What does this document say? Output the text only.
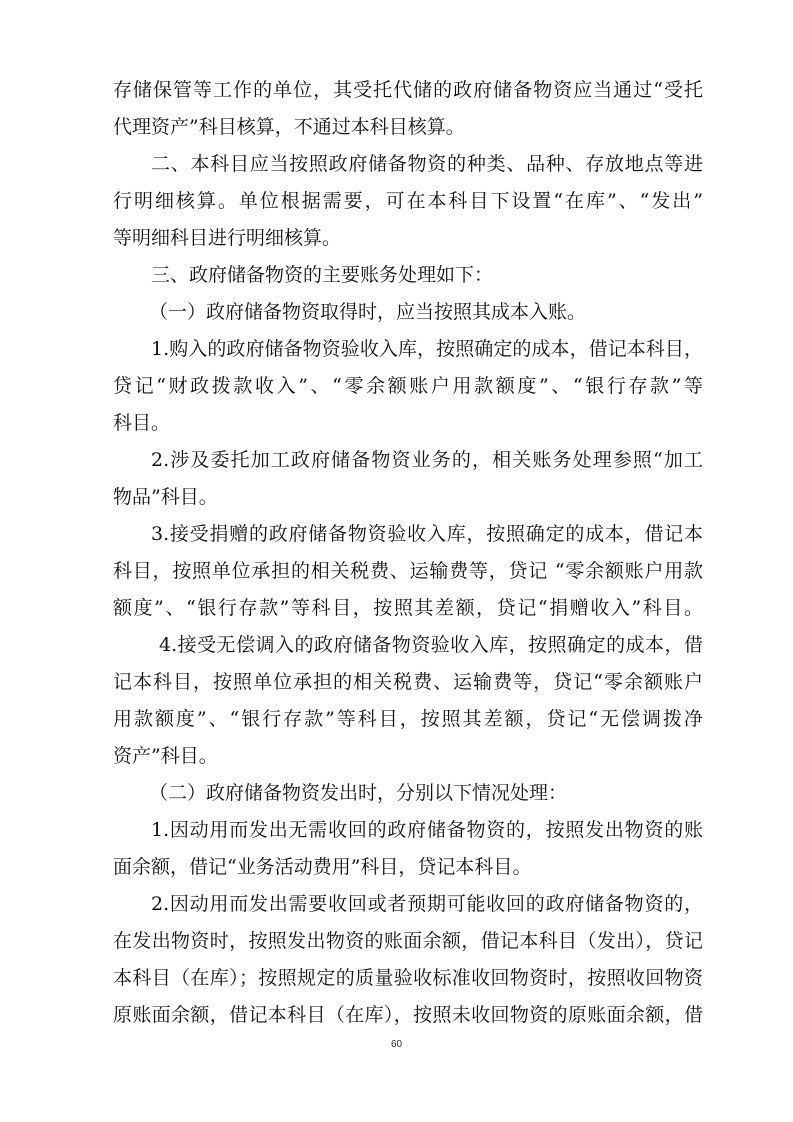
存储保管等工作的单位，其受托代储的政府储备物资应当通过“受托
代理资产”科目核算，不通过本科目核算。
二、本科目应当按照政府储备物资的种类、品种、存放地点等进
行明细核算。单位根据需要，可在本科目下设置“在库”、“发出”
等明细科目进行明细核算。
三、政府储备物资的主要账务处理如下：
（一）政府储备物资取得时，应当按照其成本入账。
1.购入的政府储备物资验收入库，按照确定的成本，借记本科目，
贷记“财政拨款收入”、“零余额账户用款额度”、“银行存款”等
科目。
2.涉及委托加工政府储备物资业务的，相关账务处理参照“加工
物品”科目。
3.接受捐赠的政府储备物资验收入库，按照确定的成本，借记本
科目，按照单位承担的相关税费、运输费等，贷记 “零余额账户用款
额度”、“银行存款”等科目，按照其差额，贷记“捐赠收入”科目。
4.接受无偿调入的政府储备物资验收入库，按照确定的成本，借
记本科目，按照单位承担的相关税费、运输费等，贷记“零余额账户
用款额度”、“银行存款”等科目，按照其差额，贷记“无偿调拨净
资产”科目。
（二）政府储备物资发出时，分别以下情况处理：
1.因动用而发出无需收回的政府储备物资的，按照发出物资的账
面余额，借记“业务活动费用”科目，贷记本科目。
2.因动用而发出需要收回或者预期可能收回的政府储备物资的，
在发出物资时，按照发出物资的账面余额，借记本科目（发出），贷记
本科目（在库）；按照规定的质量验收标准收回物资时，按照收回物资
原账面余额，借记本科目（在库），按照未收回物资的原账面余额，借
60
